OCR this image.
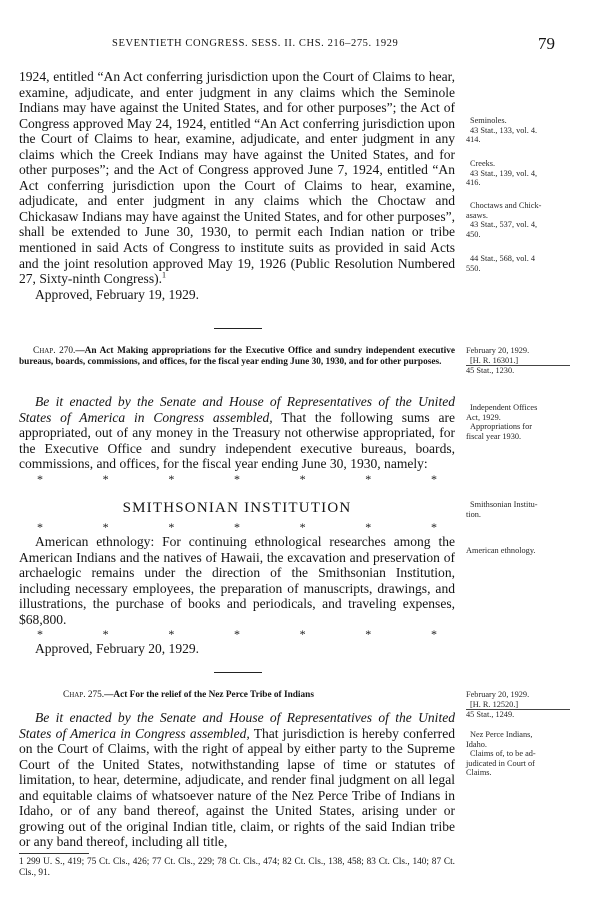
SEVENTIETH CONGRESS. SESS. II. CHS. 216–275. 1929	79

1924, entitled “An Act conferring jurisdiction upon the Court of Claims to hear, examine, adjudicate, and enter judgment in any claims which the Seminole Indians may have against the United States, and for other purposes”; the Act of Congress approved May 24, 1924, entitled “An Act conferring jurisdiction upon the Court of Claims to hear, examine, adjudicate, and enter judgment in any claims which the Creek Indians may have against the United States, and for other purposes”; and the Act of Congress approved June 7, 1924, entitled “An Act conferring jurisdiction upon the Court of Claims to hear, examine, adjudicate, and enter judgment in any claims which the Choctaw and Chickasaw Indians may have against the United States, and for other purposes”, shall be extended to June 30, 1930, to permit each Indian nation or tribe mentioned in said Acts of Congress to institute suits as provided in said Acts and the joint resolution approved May 19, 1926 (Public Resolution Numbered 27, Sixty-ninth Congress).$^1$

Approved, February 19, 1929.

Chap. 270.—An Act Making appropriations for the Executive Office and sundry independent executive bureaus, boards, commissions, and offices, for the fiscal year ending June 30, 1930, and for other purposes.

Be it enacted by the Senate and House of Representatives of the United States of America in Congress assembled, That the following sums are appropriated, out of any money in the Treasury not otherwise appropriated, for the Executive Office and sundry independent executive bureaus, boards, commissions, and offices, for the fiscal year ending June 30, 1930, namely:

*	*	*	*	*	*	*
SMITHSONIAN INSTITUTION
*	*	*	*	*	*	*

American ethnology: For continuing ethnological researches among the American Indians and the natives of Hawaii, the excavation and preservation of archaelogic remains under the direction of the Smithsonian Institution, including necessary employees, the preparation of manuscripts, drawings, and illustrations, the purchase of books and periodicals, and traveling expenses, $68,800.

*	*	*	*	*	*	*

Approved, February 20, 1929.

Chap. 275.—Act For the relief of the Nez Perce Tribe of Indians

Be it enacted by the Senate and House of Representatives of the United States of America in Congress assembled, That jurisdiction is hereby conferred on the Court of Claims, with the right of appeal by either party to the Supreme Court of the United States, notwithstanding lapse of time or statutes of limitation, to hear, determine, adjudicate, and render final judgment on all legal and equitable claims of whatsoever nature of the Nez Perce Tribe of Indians in Idaho, or of any band thereof, against the United States, arising under or growing out of the original Indian title, claim, or rights of the said Indian tribe or any band thereof, including all title,

1 299 U. S., 419; 75 Ct. Cls., 426; 77 Ct. Cls., 229; 78 Ct. Cls., 474; 82 Ct. Cls., 138, 458; 83 Ct. Cls., 140; 87 Ct. Cls., 91.
Seminoles.
43 Stat., 133, vol. 4.
414.
Creeks.
43 Stat., 139, vol. 4,
416.
Choctaws and Chick-
asaws.
43 Stat., 537, vol. 4,
450.
44 Stat., 568, vol. 4
550.
February 20, 1929.
[H. R. 16301.]
45 Stat., 1230.
Independent Offices
Act, 1929.
Appropriations for
fiscal year 1930.
Smithsonian Institu-
tion.
American ethnology.
February 20, 1929.
[H. R. 12520.]
45 Stat., 1249.
Nez Perce Indians,
Idaho.
Claims of, to be ad-
judicated in Court of
Claims.
